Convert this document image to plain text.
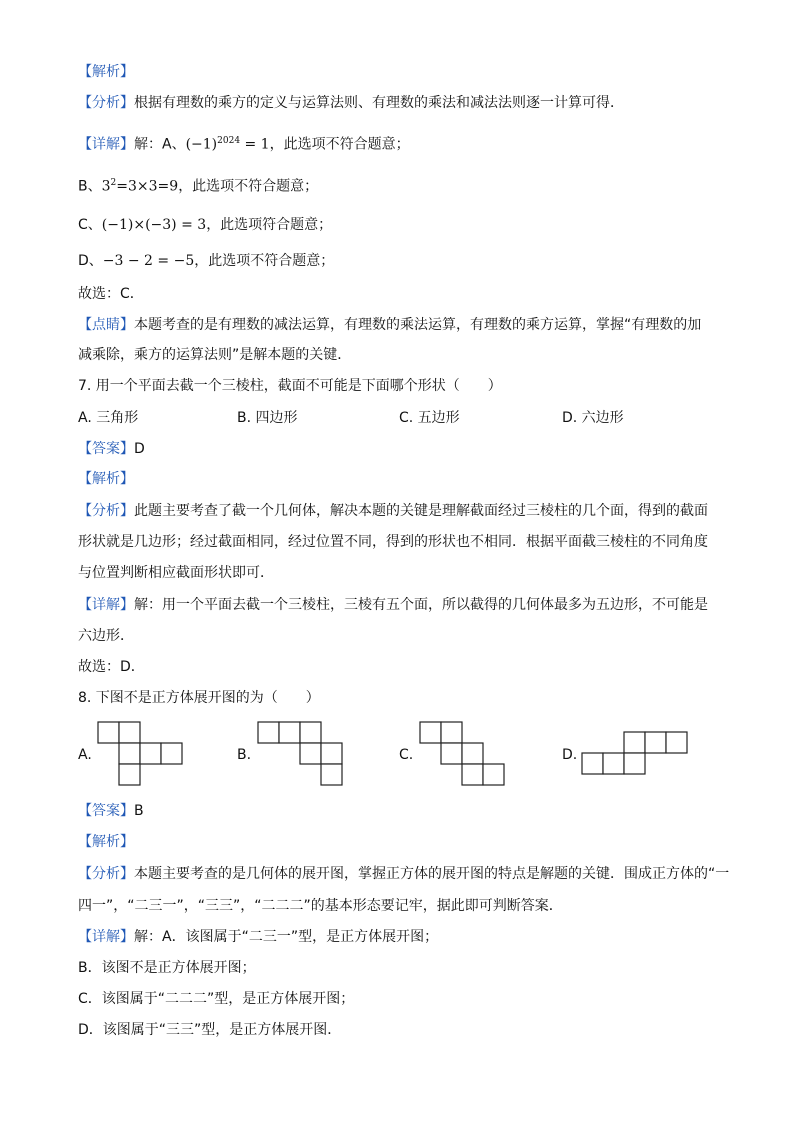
【解析】
【分析】根据有理数的乘方的定义与运算法则、有理数的乘法和减法法则逐一计算可得．
【详解】解：A、$(-1)^{2024} = 1$，此选项不符合题意；
B、$3^2=3\times 3=9$，此选项不符合题意；
C、(−1)×(−3) = 3，此选项符合题意；
D、−3 − 2 = −5，此选项不符合题意；
故选：C．
【点睛】本题考查的是有理数的减法运算，有理数的乘法运算，有理数的乘方运算，掌握“有理数的加
减乘除，乘方的运算法则”是解本题的关键．
7. 用一个平面去截一个三棱柱，截面不可能是下面哪个形状（　　）
A. 三角形	B. 四边形	C. 五边形	D. 六边形
【答案】D
【解析】
【分析】此题主要考查了截一个几何体，解决本题的关键是理解截面经过三棱柱的几个面，得到的截面
形状就是几边形；经过截面相同，经过位置不同，得到的形状也不相同．根据平面截三棱柱的不同角度
与位置判断相应截面形状即可．
【详解】解：用一个平面去截一个三棱柱，三棱有五个面，所以截得的几何体最多为五边形，不可能是
六边形．
故选：D．
8. 下图不是正方体展开图的为（　　）
A.	B.	C.	D.
【答案】B
【解析】
【分析】本题主要考查的是几何体的展开图，掌握正方体的展开图的特点是解题的关键．围成正方体的“一
四一”，“二三一”，“三三”，“二二二”的基本形态要记牢，据此即可判断答案．
【详解】解：A．该图属于“二三一”型，是正方体展开图；
B．该图不是正方体展开图；
C．该图属于“二二二”型，是正方体展开图；
D．该图属于“三三”型，是正方体展开图．
